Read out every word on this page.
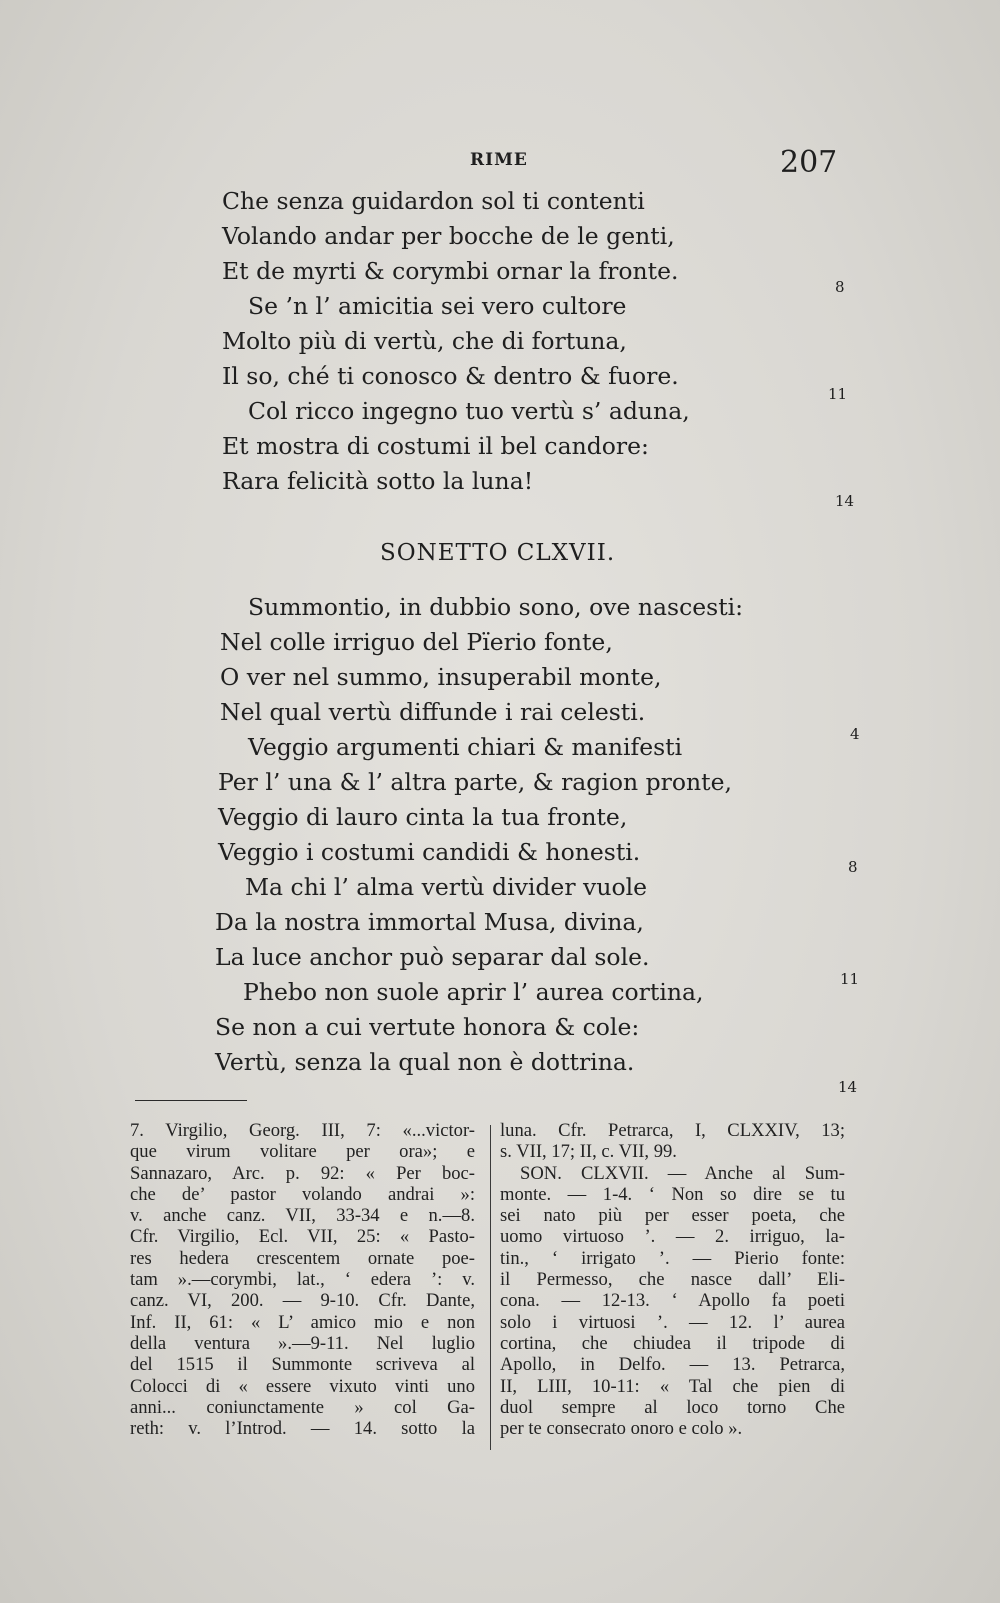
RIME	207
Che senza guidardon sol ti contenti
Volando andar per bocche de le genti,
Et de myrti & corymbi ornar la fronte.
Se ’n l’ amicitia sei vero cultore
Molto più di vertù, che di fortuna,
Il so, ché ti conosco & dentro & fuore.
Col ricco ingegno tuo vertù s’ aduna,
Et mostra di costumi il bel candore:
Rara felicità sotto la luna!
8
11
14
SONETTO CLXVII.
Summontio, in dubbio sono, ove nascesti:
Nel colle irriguo del Pïerio fonte,
O ver nel summo, insuperabil monte,
Nel qual vertù diffunde i rai celesti.
Veggio argumenti chiari & manifesti
Per l’ una & l’ altra parte, & ragion pronte,
Veggio di lauro cinta la tua fronte,
Veggio i costumi candidi & honesti.
Ma chi l’ alma vertù divider vuole
Da la nostra immortal Musa, divina,
La luce anchor può separar dal sole.
Phebo non suole aprir l’ aurea cortina,
Se non a cui vertute honora & cole:
Vertù, senza la qual non è dottrina.
4
8
11
14
7. Virgilio, Georg. III, 7: «...victor-
que virum volitare per ora»; e
Sannazaro, Arc. p. 92: « Per boc-
che de’ pastor volando andrai »:
v. anche canz. VII, 33-34 e n.—8.
Cfr. Virgilio, Ecl. VII, 25: « Pasto-
res hedera crescentem ornate poe-
tam ».—corymbi, lat., ‘ edera ’: v.
canz. VI, 200. — 9-10. Cfr. Dante,
Inf. II, 61: « L’ amico mio e non
della ventura ».—9-11. Nel luglio
del 1515 il Summonte scriveva al
Colocci di « essere vixuto vinti uno
anni... coniunctamente » col Ga-
reth: v. l’Introd. — 14. sotto la
luna. Cfr. Petrarca, I, CLXXIV, 13;
s. VII, 17; II, c. VII, 99.
SON. CLXVII. — Anche al Sum-
monte. — 1-4. ‘ Non so dire se tu
sei nato più per esser poeta, che
uomo virtuoso ’. — 2. irriguo, la-
tin., ‘ irrigato ’. — Pierio fonte:
il Permesso, che nasce dall’ Eli-
cona. — 12-13. ‘ Apollo fa poeti
solo i virtuosi ’. — 12. l’ aurea
cortina, che chiudea il tripode di
Apollo, in Delfo. — 13. Petrarca,
II, LIII, 10-11: « Tal che pien di
duol sempre al loco torno Che
per te consecrato onoro e colo ».
